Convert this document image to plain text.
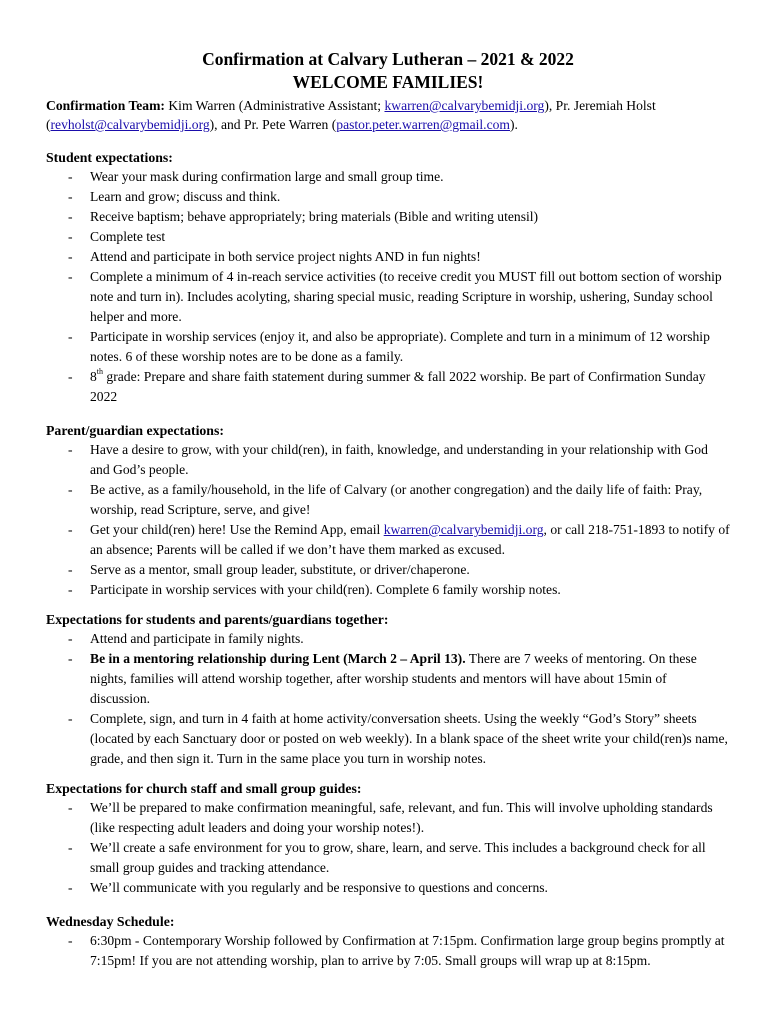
Confirmation at Calvary Lutheran – 2021 & 2022
WELCOME FAMILIES!
Confirmation Team: Kim Warren (Administrative Assistant; kwarren@calvarybemidji.org), Pr. Jeremiah Holst (revholst@calvarybemidji.org), and Pr. Pete Warren (pastor.peter.warren@gmail.com).
Student expectations:
- Wear your mask during confirmation large and small group time.
- Learn and grow; discuss and think.
- Receive baptism; behave appropriately; bring materials (Bible and writing utensil)
- Complete test
- Attend and participate in both service project nights AND in fun nights!
- Complete a minimum of 4 in-reach service activities (to receive credit you MUST fill out bottom section of worship note and turn in). Includes acolyting, sharing special music, reading Scripture in worship, ushering, Sunday school helper and more.
- Participate in worship services (enjoy it, and also be appropriate). Complete and turn in a minimum of 12 worship notes. 6 of these worship notes are to be done as a family.
- 8th grade: Prepare and share faith statement during summer & fall 2022 worship. Be part of Confirmation Sunday 2022
Parent/guardian expectations:
- Have a desire to grow, with your child(ren), in faith, knowledge, and understanding in your relationship with God and God’s people.
- Be active, as a family/household, in the life of Calvary (or another congregation) and the daily life of faith: Pray, worship, read Scripture, serve, and give!
- Get your child(ren) here! Use the Remind App, email kwarren@calvarybemidji.org, or call 218-751-1893 to notify of an absence; Parents will be called if we don’t have them marked as excused.
- Serve as a mentor, small group leader, substitute, or driver/chaperone.
- Participate in worship services with your child(ren). Complete 6 family worship notes.
Expectations for students and parents/guardians together:
- Attend and participate in family nights.
- Be in a mentoring relationship during Lent (March 2 – April 13). There are 7 weeks of mentoring. On these nights, families will attend worship together, after worship students and mentors will have about 15min of discussion.
- Complete, sign, and turn in 4 faith at home activity/conversation sheets. Using the weekly “God’s Story” sheets (located by each Sanctuary door or posted on web weekly). In a blank space of the sheet write your child(ren)s name, grade, and then sign it. Turn in the same place you turn in worship notes.
Expectations for church staff and small group guides:
- We’ll be prepared to make confirmation meaningful, safe, relevant, and fun. This will involve upholding standards (like respecting adult leaders and doing your worship notes!).
- We’ll create a safe environment for you to grow, share, learn, and serve. This includes a background check for all small group guides and tracking attendance.
- We’ll communicate with you regularly and be responsive to questions and concerns.
Wednesday Schedule:
- 6:30pm - Contemporary Worship followed by Confirmation at 7:15pm. Confirmation large group begins promptly at 7:15pm! If you are not attending worship, plan to arrive by 7:05. Small groups will wrap up at 8:15pm.
